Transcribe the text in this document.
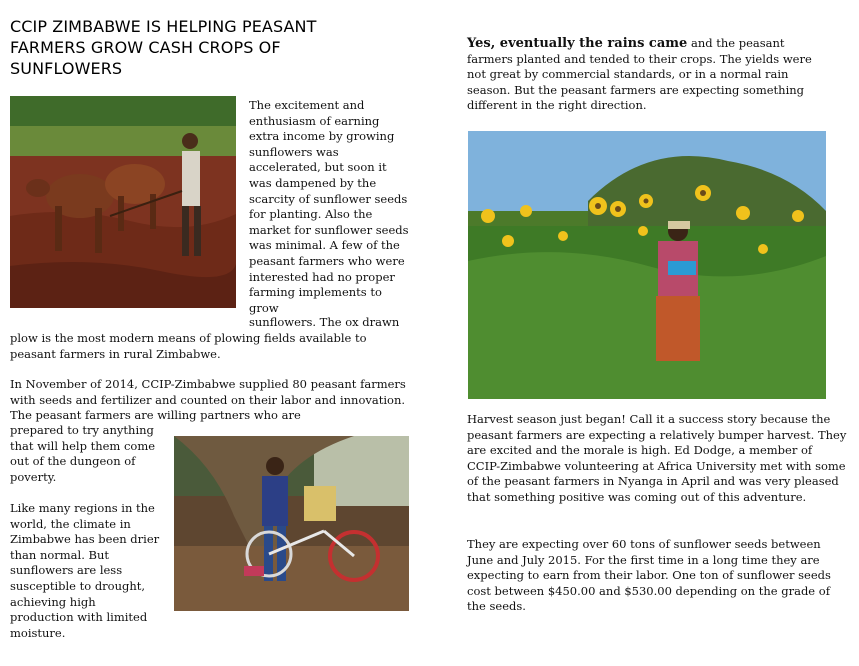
CCIP ZIMBABWE IS HELPING PEASANT FARMERS GROW CASH CROPS OF SUNFLOWERS
The excitement and enthusiasm of earning extra income by growing sunflowers was accelerated, but soon it was dampened by the scarcity of sunflower seeds for planting. Also the market for sunflower seeds was minimal. A few of the peasant farmers who were interested had no proper farming implements to grow
sunflowers. The ox drawn
plow is the most modern means of plowing fields available to peasant farmers in rural Zimbabwe.
In November of 2014, CCIP-Zimbabwe supplied 80 peasant farmers with seeds and fertilizer and counted on their labor and innovation. The peasant farmers are willing partners who are
prepared to try anything that will help them come out of the dungeon of poverty.
Like many regions in the world, the climate in Zimbabwe has been drier than normal. But sunflowers are less susceptible to drought, achieving high production with limited moisture.
Yes, eventually the rains came and the peasant farmers planted and tended to their crops. The yields were not great by commercial standards, or in a normal rain season. But the peasant farmers are expecting something different in the right direction.
Harvest season just began! Call it a success story because the peasant farmers are expecting a relatively bumper harvest. They are excited and the morale is high. Ed Dodge, a member of CCIP-Zimbabwe volunteering at Africa University met with some of the peasant farmers in Nyanga in April and was very pleased that something positive was coming out of this adventure.
They are expecting over 60 tons of sunflower seeds between June and July 2015. For the first time in a long time they are expecting to earn from their labor. One ton of sunflower seeds cost between $450.00 and $530.00 depending on the grade of the seeds.
